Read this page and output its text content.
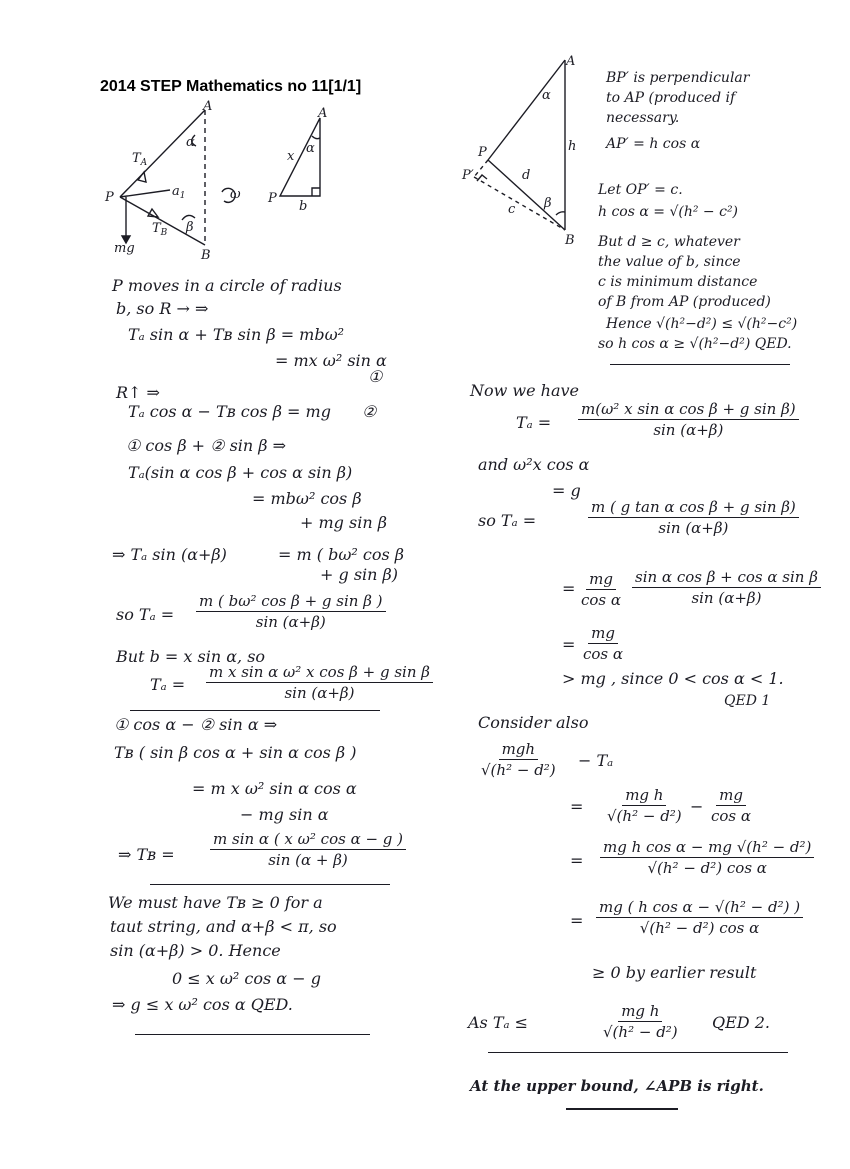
2014 STEP Mathematics no 11[1/1]
A
B
P
$T_A$
$T_B$
α
β
$a_1$	ω
mg
A
P
x
b
α
A
B
P
P′
h
d
c
α
β
P moves in a circle of radius
b, so R → ⇒
Tₐ sin α + Tʙ sin β = mbω²
= mx ω² sin α
①
R↑ ⇒
Tₐ cos α − Tʙ cos β = mg ②
① cos β + ② sin β ⇒
Tₐ(sin α cos β + cos α sin β)
= mbω² cos β
+ mg sin β
⇒ Tₐ sin (α+β)	= m ( bω² cos β
+ g sin β)
so $T_a = \frac{\text{m ( bω² cos β + g sin β )}}{\sin (\alpha+\beta)}$
But b = x sin α, so
$T_a = \frac{\text{m x sin α ω² x cos β + g sin β}}{\sin (\alpha+\beta)}$
① cos α − ② sin α ⇒
Tʙ ( sin β cos α + sin α cos β )
= m x ω² sin α cos α
− mg sin α
⇒ Tʙ = $\frac{\text{m sin α ( x ω² cos α − g )}}{\sin (\alpha + \beta)}$
We must have Tʙ ≥ 0 for a
taut string, and α+β < π, so
sin (α+β) > 0. Hence
0 ≤ x ω² cos α − g
⇒ g ≤ x ω² cos α QED.
BP′ is perpendicular
to AP (produced if
necessary.
AP′ = h cos α
Let OP′ = c.
h cos α = √(h² − c²)
But d ≥ c, whatever
the value of b, since
c is minimum distance
of B from AP (produced)
Hence √(h²−d²) ≤ √(h²−c²)
so h cos α ≥ √(h²−d²) QED.
Now we have
$T_a = \frac{\text{m(ω² x sin α cos β + g sin β)}}{\sin (\alpha+\beta)}$
and ω²x cos α
= g
so Tₐ =	$\frac{\text{m ( g tan α cos β + g sin β)}}{\sin (\alpha+\beta)}$
= $\frac{mg}{\text{cos α}} \frac{\text{sin α cos β + cos α sin β}}{\sin (\alpha+\beta)}$
= $\frac{mg}{\text{cos α}}$
> mg , since 0 < cos α < 1.
QED 1
Consider also
mgh
√(h² − d²) − Tₐ
= $\frac{\text{mg h}}{\text{√(h² − d²)}} - \frac{mg}{\text{cos α}}$
= $\frac{\text{mg h cos α − mg √(h² − d²)}}{\text{√(h² − d²) cos α}}$
= $\frac{\text{mg ( h cos α − √(h² − d²) )}}{\text{√(h² − d²) cos α}}$
≥ 0 by earlier result
As Tₐ ≤	$\frac{\text{mg h}}{\text{√(h² − d²)}}$ QED 2.
At the upper bound, ∠APB is right.
